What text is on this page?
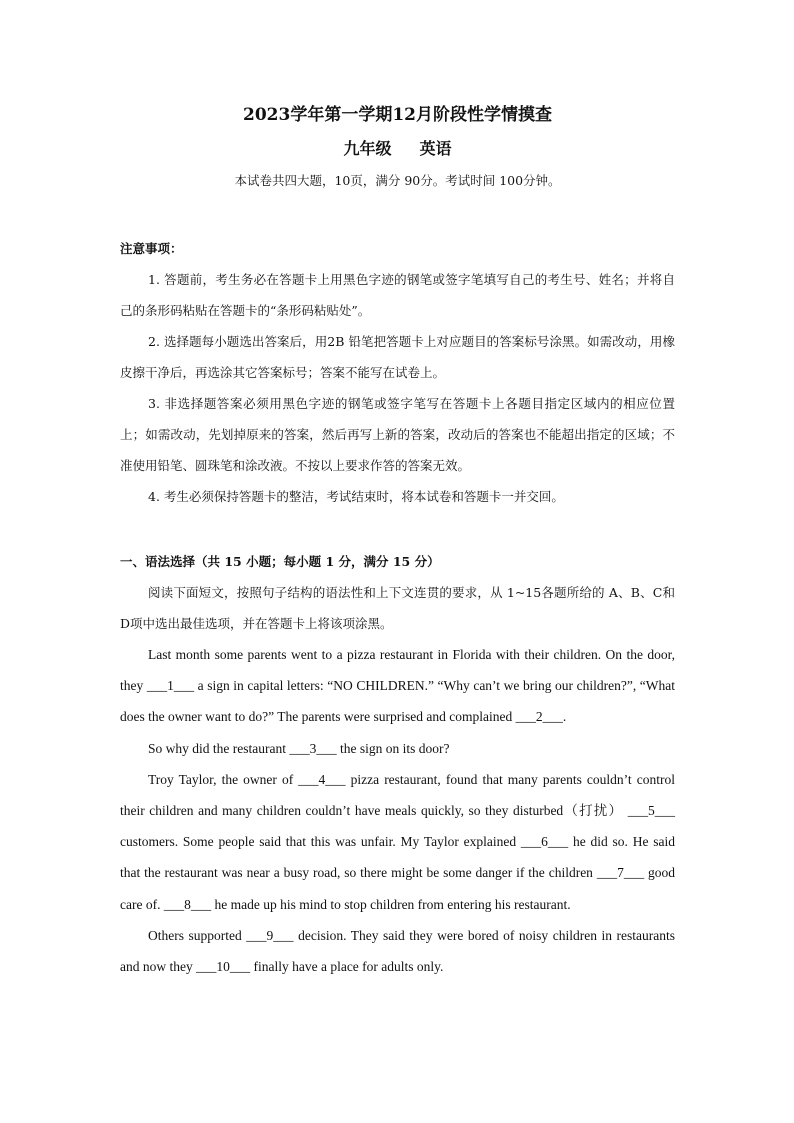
2023学年第一学期12月阶段性学情摸查
九年级 英语

本试卷共四大题，10页，满分 90分。考试时间 100分钟。

注意事项：

1. 答题前，考生务必在答题卡上用黑色字迹的钢笔或签字笔填写自己的考生号、姓名；并将自己的条形码粘贴在答题卡的“条形码粘贴处”。

2. 选择题每小题选出答案后，用2B 铅笔把答题卡上对应题目的答案标号涂黑。如需改动，用橡皮擦干净后，再选涂其它答案标号；答案不能写在试卷上。

3. 非选择题答案必须用黑色字迹的钢笔或签字笔写在答题卡上各题目指定区域内的相应位置上；如需改动，先划掉原来的答案，然后再写上新的答案，改动后的答案也不能超出指定的区域；不准使用铅笔、圆珠笔和涂改液。不按以上要求作答的答案无效。

4. 考生必须保持答题卡的整洁，考试结束时，将本试卷和答题卡一并交回。

一、语法选择（共 15 小题；每小题 1 分，满分 15 分）

阅读下面短文，按照句子结构的语法性和上下文连贯的要求，从 1~15各题所给的 A、B、C和 D项中选出最佳选项，并在答题卡上将该项涂黑。

Last month some parents went to a pizza restaurant in Florida with their children. On the door, they ___1___ a sign in capital letters: “NO CHILDREN.” “Why can’t we bring our children?”, “What does the owner want to do?” The parents were surprised and complained ___2___.

So why did the restaurant ___3___ the sign on its door?

Troy Taylor, the owner of ___4___ pizza restaurant, found that many parents couldn’t control their children and many children couldn’t have meals quickly, so they disturbed（打扰） ___5___ customers. Some people said that this was unfair. My Taylor explained ___6___ he did so. He said that the restaurant was near a busy road, so there might be some danger if the children ___7___ good care of. ___8___ he made up his mind to stop children from entering his restaurant.

Others supported ___9___ decision. They said they were bored of noisy children in restaurants and now they ___10___ finally have a place for adults only.
